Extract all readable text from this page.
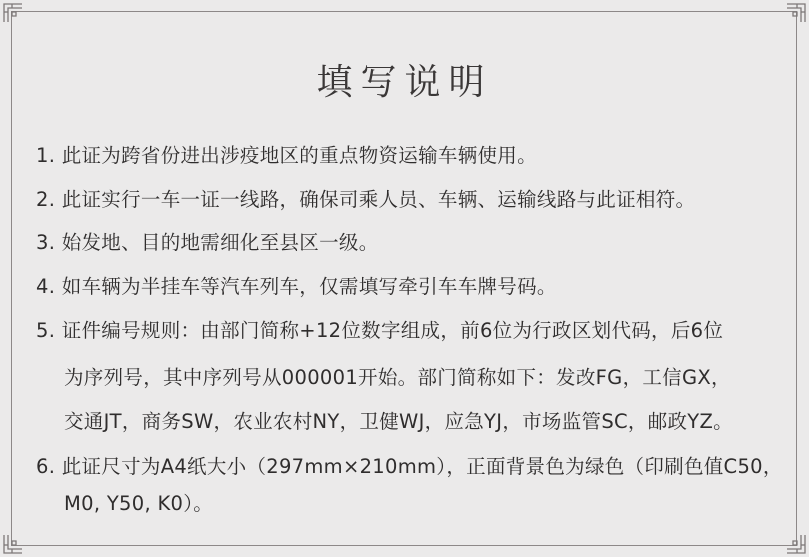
填写说明
1. 此证为跨省份进出涉疫地区的重点物资运输车辆使用。
2. 此证实行一车一证一线路，确保司乘人员、车辆、运输线路与此证相符。
3. 始发地、目的地需细化至县区一级。
4. 如车辆为半挂车等汽车列车，仅需填写牵引车车牌号码。
5. 证件编号规则：由部门简称+12位数字组成，前6位为行政区划代码，后6位
为序列号，其中序列号从000001开始。部门简称如下：发改FG，工信GX，
交通JT，商务SW，农业农村NY，卫健WJ，应急YJ，市场监管SC，邮政YZ。
6. 此证尺寸为A4纸大小（297mm×210mm），正面背景色为绿色（印刷色值C50，
M0, Y50, K0）。
